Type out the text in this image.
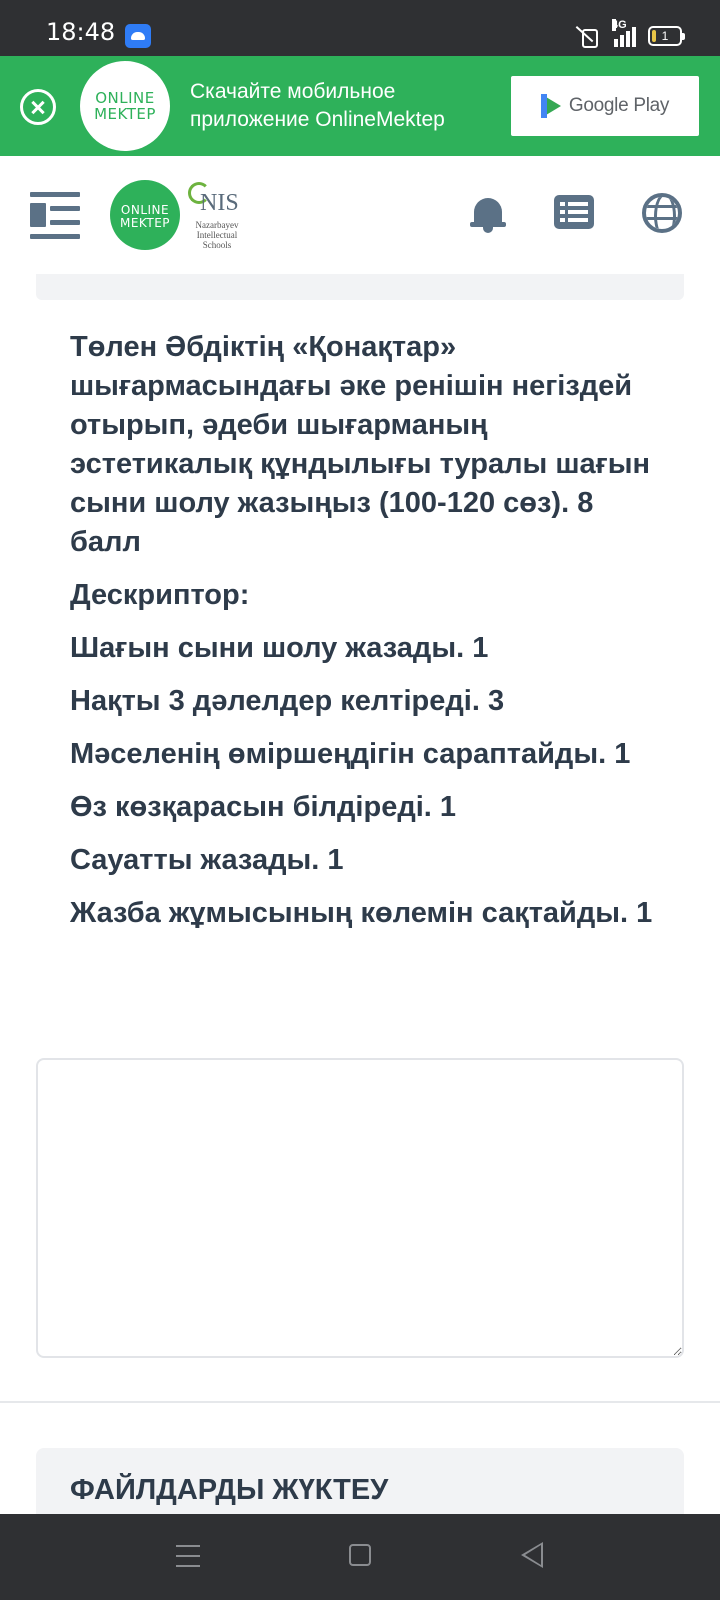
18:48	4G
1
ONLINE
MEKTEP
Скачайте мобильное
приложение OnlineMektep
Google Play
ONLINE
MEKTEP
NIS
Nazarbayev
Intellectual
Schools

Төлен Әбдіктің «Қонақтар» шығармасындағы әке ренішін негіздей отырып, әдеби шығарманың эстетикалық құндылығы туралы шағын сыни шолу жазыңыз (100-120 сөз). 8 балл

Дескриптор:

Шағын сыни шолу жазады. 1

Нақты 3 дәлелдер келтіреді. 3

Мәселенің өміршеңдігін сараптайды. 1

Өз көзқарасын білдіреді. 1

Сауатты жазады. 1

Жазба жұмысының көлемін сақтайды. 1

ФАЙЛДАРДЫ ЖҮКТЕУ
